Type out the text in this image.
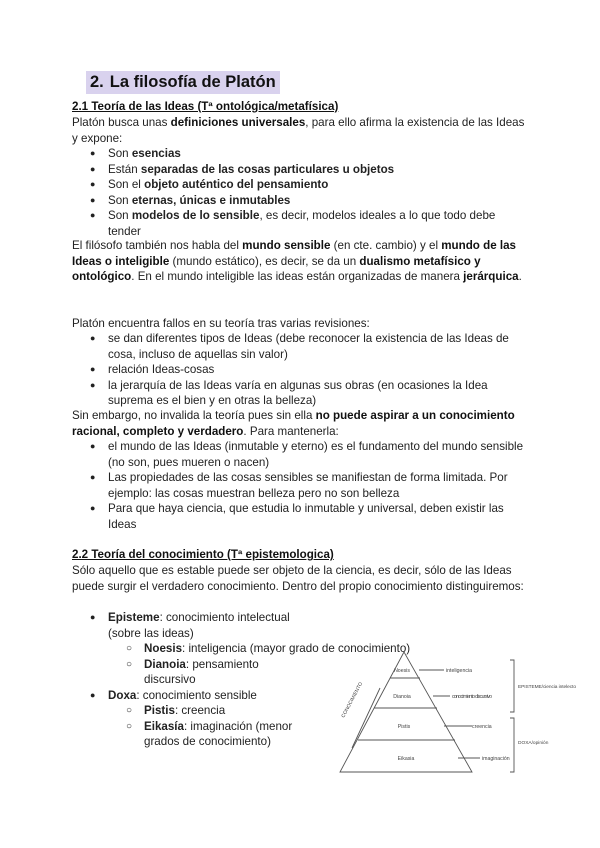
2. La filosofía de Platón
2.1 Teoría de las Ideas (Tª ontológica/metafísica)
Platón busca unas definiciones universales, para ello afirma la existencia de las Ideas y expone:
● Son esencias
● Están separadas de las cosas particulares u objetos
● Son el objeto auténtico del pensamiento
● Son eternas, únicas e inmutables
● Son modelos de lo sensible, es decir, modelos ideales a lo que todo debe tender
El filósofo también nos habla del mundo sensible (en cte. cambio) y el mundo de las Ideas o inteligible (mundo estático), es decir, se da un dualismo metafísico y ontológico. En el mundo inteligible las ideas están organizadas de manera jerárquica.
Platón encuentra fallos en su teoría tras varias revisiones:
● se dan diferentes tipos de Ideas (debe reconocer la existencia de las Ideas de cosa, incluso de aquellas sin valor)
● relación Ideas-cosas
● la jerarquía de las Ideas varía en algunas sus obras (en ocasiones la Idea suprema es el bien y en otras la belleza)
Sin embargo, no invalida la teoría pues sin ella no puede aspirar a un conocimiento racional, completo y verdadero. Para mantenerla:
● el mundo de las Ideas (inmutable y eterno) es el fundamento del mundo sensible (no son, pues mueren o nacen)
● Las propiedades de las cosas sensibles se manifiestan de forma limitada. Por ejemplo: las cosas muestran belleza pero no son belleza
● Para que haya ciencia, que estudia lo inmutable y universal, deben existir las Ideas
2.2 Teoría del conocimiento (Tª epistemologica)
Sólo aquello que es estable puede ser objeto de la ciencia, es decir, sólo de las Ideas puede surgir el verdadero conocimiento. Dentro del propio conocimiento distinguiremos:
● Episteme: conocimiento intelectual (sobre las ideas)
○ Noesis: inteligencia (mayor grado de conocimiento)
○ Dianoia: pensamiento discursivo
● Doxa: conocimiento sensible
○ Pistis: creencia
○ Eikasía: imaginación (menor grados de conocimiento)
Noesis
Dianoia
Pistis
Eikasia
inteligencia
conocimiento discursivo
creencia
imaginación
EPISTEME/ciencia intelecto
DOXA/opinión
CONOCIMIENTO
